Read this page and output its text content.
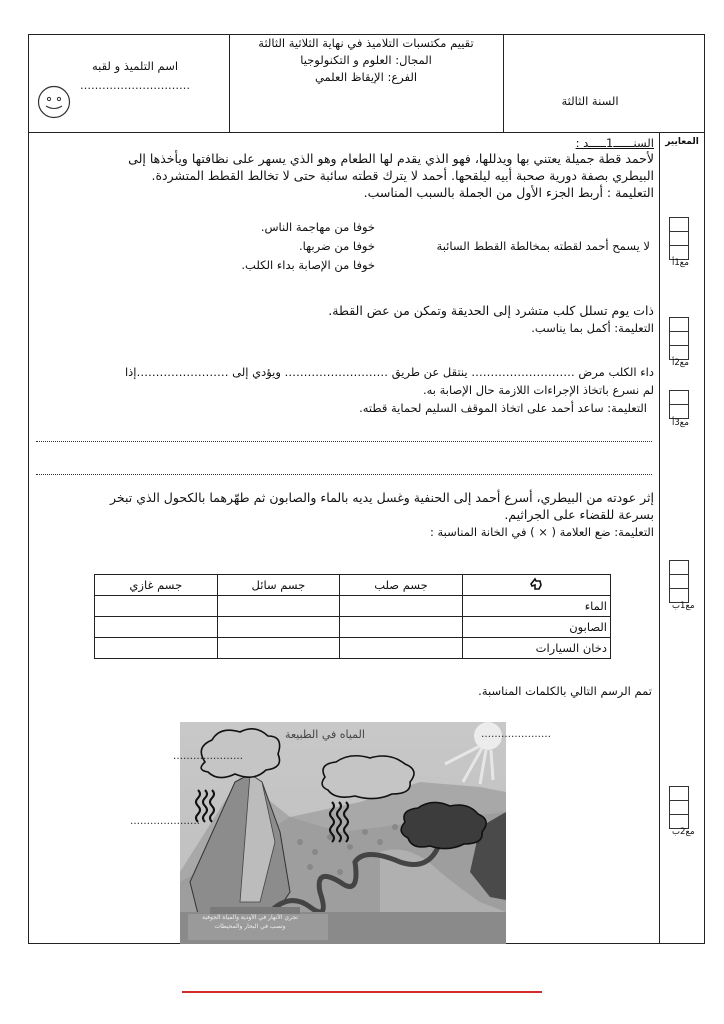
اسم التلميذ و لقبه
…………………………
تقييم مكتسبات التلاميذ في نهاية الثلاثية الثالثة
المجال: العلوم و التكنولوجيا
الفرع: الإيقاظ العلمي
السنة الثالثة
المعايير
السنــــــ1ـــــد :
لأحمد قطة جميلة يعتني بها ويدللها، فهو الذي يقدم لها الطعام وهو الذي يسهر على نظافتها ويأخذها إلى
البيطري بصفة دورية صحبة أبيه ليلقحها. أحمد لا يترك قطته سائبة حتى لا تخالط القطط المتشردة.
التعليمة : أربط الجزء الأول من الجملة بالسبب المناسب.
لا يسمح أحمد لقطته بمخالطة القطط السائبة
خوفا من مهاجمة الناس.
خوفا من ضربها.
خوفا من الإصابة بداء الكلب.
ذات يوم تسلل كلب متشرد إلى الحديقة وتمكن من عض القطة.
التعليمة: أكمل بما يناسب.
داء الكلب مرض ……………………… ينتقل عن طريق ……………………… ويؤدي إلى ……………………إذا
لم نسرع باتخاذ الإجراءات اللازمة حال الإصابة به.
التعليمة: ساعد أحمد على اتخاذ الموقف السليم لحماية قطته.
إثر عودته من البيطري، أسرع أحمد إلى الحنفية وغسل يديه بالماء والصابون ثم طهّرهما بالكحول الذي تبخر
بسرعة للقضاء على الجراثيم.
التعليمة: ضع العلامة ( × ) في الخانة المناسبة :
	جسم صلب	جسم سائل	جسم غازي
الماء			
الصابون			
دخان السيارات			
تمم الرسم التالي بالكلمات المناسبة.
تجري الأنهار في الأودية والمياه الجوفية
وتصب في البحار والمحيطات
المياه في الطبيعة	…………………
…………………
…………………
مع1أ
مع2أ
مع3أ
مع1ب
مع2ب
